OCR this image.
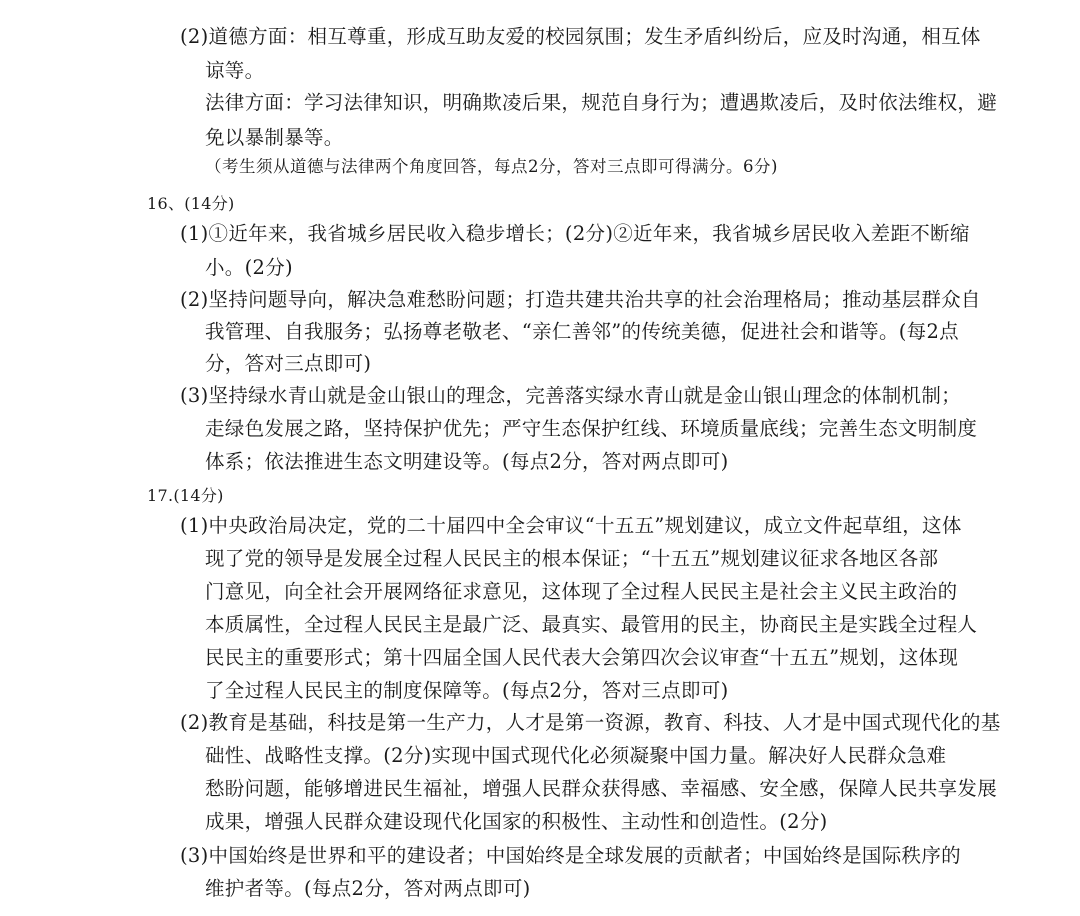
(2)道德方面：相互尊重，形成互助友爱的校园氛围；发生矛盾纠纷后，应及时沟通，相互体
谅等。
法律方面：学习法律知识，明确欺凌后果，规范自身行为；遭遇欺凌后，及时依法维权，避
免以暴制暴等。
（考生须从道德与法律两个角度回答，每点2分，答对三点即可得满分。6分)
16、(14分)
(1)①近年来，我省城乡居民收入稳步增长；(2分)②近年来，我省城乡居民收入差距不断缩
小。(2分)
(2)坚持问题导向，解决急难愁盼问题；打造共建共治共享的社会治理格局；推动基层群众自
我管理、自我服务；弘扬尊老敬老、“亲仁善邻”的传统美德，促进社会和谐等。(每2点
分，答对三点即可)
(3)坚持绿水青山就是金山银山的理念，完善落实绿水青山就是金山银山理念的体制机制；
走绿色发展之路，坚持保护优先；严守生态保护红线、环境质量底线；完善生态文明制度
体系；依法推进生态文明建设等。(每点2分，答对两点即可)
17.(14分)
(1)中央政治局决定，党的二十届四中全会审议“十五五”规划建议，成立文件起草组，这体
现了党的领导是发展全过程人民民主的根本保证；“十五五”规划建议征求各地区各部
门意见，向全社会开展网络征求意见，这体现了全过程人民民主是社会主义民主政治的
本质属性，全过程人民民主是最广泛、最真实、最管用的民主，协商民主是实践全过程人
民民主的重要形式；第十四届全国人民代表大会第四次会议审查“十五五”规划，这体现
了全过程人民民主的制度保障等。(每点2分，答对三点即可)
(2)教育是基础，科技是第一生产力，人才是第一资源，教育、科技、人才是中国式现代化的基
础性、战略性支撑。(2分)实现中国式现代化必须凝聚中国力量。解决好人民群众急难
愁盼问题，能够增进民生福祉，增强人民群众获得感、幸福感、安全感，保障人民共享发展
成果，增强人民群众建设现代化国家的积极性、主动性和创造性。(2分)
(3)中国始终是世界和平的建设者；中国始终是全球发展的贡献者；中国始终是国际秩序的
维护者等。(每点2分，答对两点即可)
